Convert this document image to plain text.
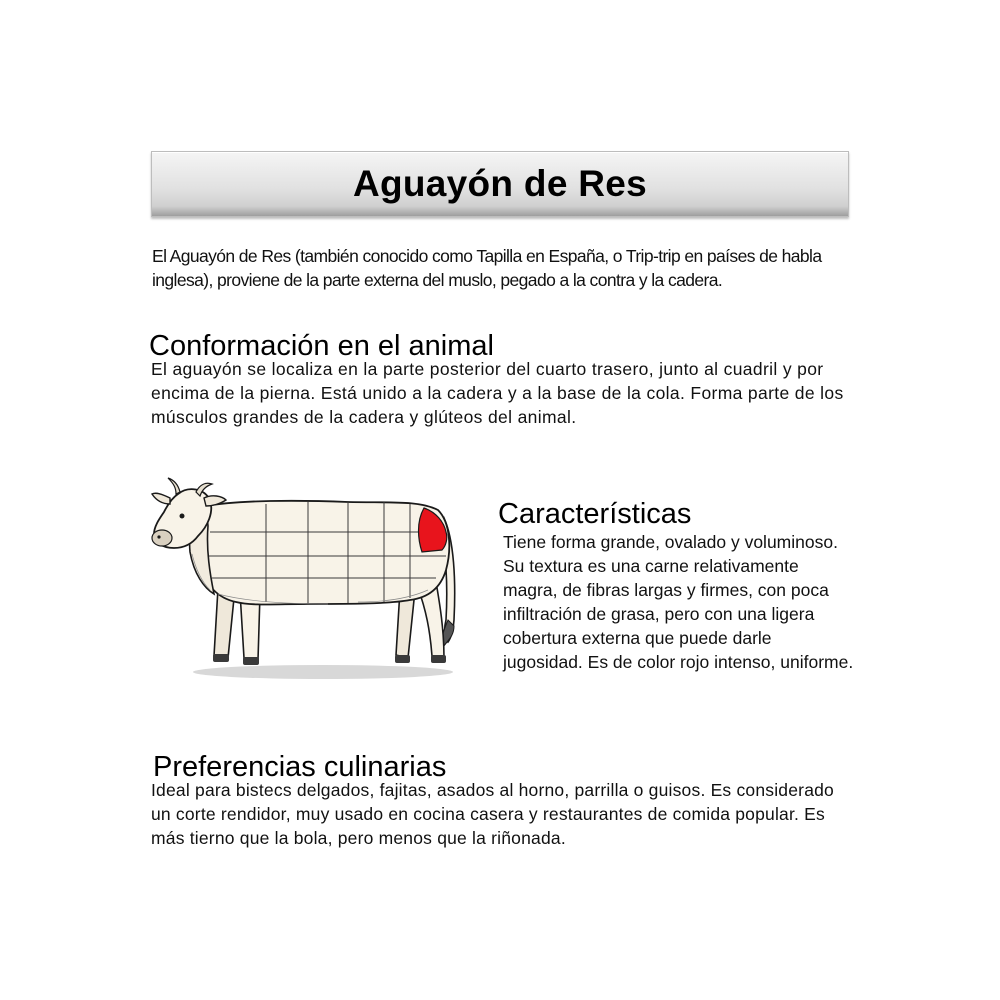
Aguayón de Res

El Aguayón de Res (también conocido como Tapilla en España, o Trip-trip en países de habla inglesa), proviene de la parte externa del muslo, pegado a la contra y la cadera.

Conformación en el animal

El aguayón se localiza en la parte posterior del cuarto trasero, junto al cuadril y por encima de la pierna. Está unido a la cadera y a la base de la cola. Forma parte de los músculos grandes de la cadera y glúteos del animal.

Características

Tiene forma grande, ovalado y voluminoso. Su textura es una carne relativamente magra, de fibras largas y firmes, con poca infiltración de grasa, pero con una ligera cobertura externa que puede darle jugosidad. Es de color rojo intenso, uniforme.

Preferencias culinarias

Ideal para bistecs delgados, fajitas, asados al horno, parrilla o guisos. Es considerado un corte rendidor, muy usado en cocina casera y restaurantes de comida popular. Es más tierno que la bola, pero menos que la riñonada.
